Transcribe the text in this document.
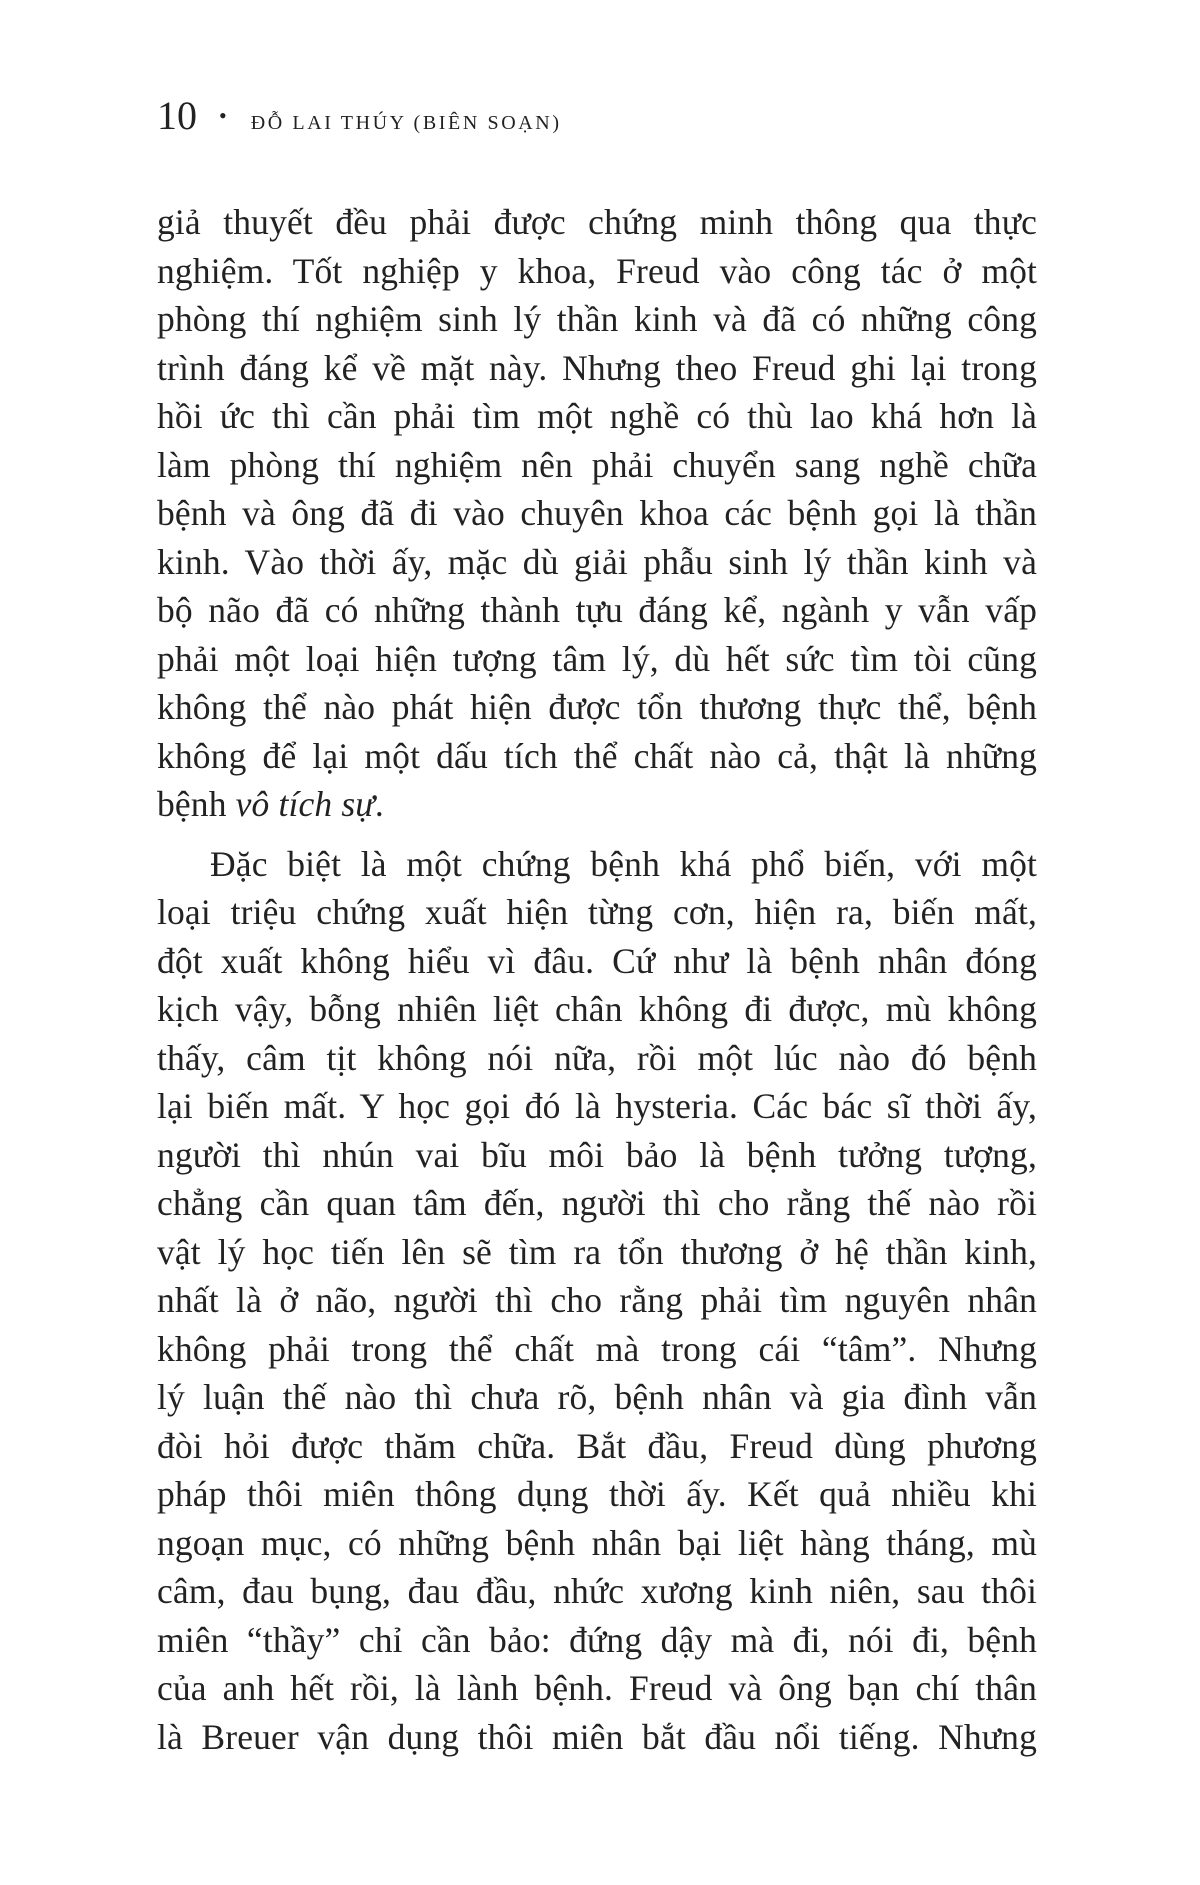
10 • ĐỖ LAI THÚY (BIÊN SOẠN)

giả thuyết đều phải được chứng minh thông qua thực
nghiệm. Tốt nghiệp y khoa, Freud vào công tác ở một
phòng thí nghiệm sinh lý thần kinh và đã có những công
trình đáng kể về mặt này. Nhưng theo Freud ghi lại trong
hồi ức thì cần phải tìm một nghề có thù lao khá hơn là
làm phòng thí nghiệm nên phải chuyển sang nghề chữa
bệnh và ông đã đi vào chuyên khoa các bệnh gọi là thần
kinh. Vào thời ấy, mặc dù giải phẫu sinh lý thần kinh và
bộ não đã có những thành tựu đáng kể, ngành y vẫn vấp
phải một loại hiện tượng tâm lý, dù hết sức tìm tòi cũng
không thể nào phát hiện được tổn thương thực thể, bệnh
không để lại một dấu tích thể chất nào cả, thật là những
bệnh vô tích sự.

Đặc biệt là một chứng bệnh khá phổ biến, với một
loại triệu chứng xuất hiện từng cơn, hiện ra, biến mất,
đột xuất không hiểu vì đâu. Cứ như là bệnh nhân đóng
kịch vậy, bỗng nhiên liệt chân không đi được, mù không
thấy, câm tịt không nói nữa, rồi một lúc nào đó bệnh
lại biến mất. Y học gọi đó là hysteria. Các bác sĩ thời ấy,
người thì nhún vai bĩu môi bảo là bệnh tưởng tượng,
chẳng cần quan tâm đến, người thì cho rằng thế nào rồi
vật lý học tiến lên sẽ tìm ra tổn thương ở hệ thần kinh,
nhất là ở não, người thì cho rằng phải tìm nguyên nhân
không phải trong thể chất mà trong cái “tâm”. Nhưng
lý luận thế nào thì chưa rõ, bệnh nhân và gia đình vẫn
đòi hỏi được thăm chữa. Bắt đầu, Freud dùng phương
pháp thôi miên thông dụng thời ấy. Kết quả nhiều khi
ngoạn mục, có những bệnh nhân bại liệt hàng tháng, mù
câm, đau bụng, đau đầu, nhức xương kinh niên, sau thôi
miên “thầy” chỉ cần bảo: đứng dậy mà đi, nói đi, bệnh
của anh hết rồi, là lành bệnh. Freud và ông bạn chí thân
là Breuer vận dụng thôi miên bắt đầu nổi tiếng. Nhưng
